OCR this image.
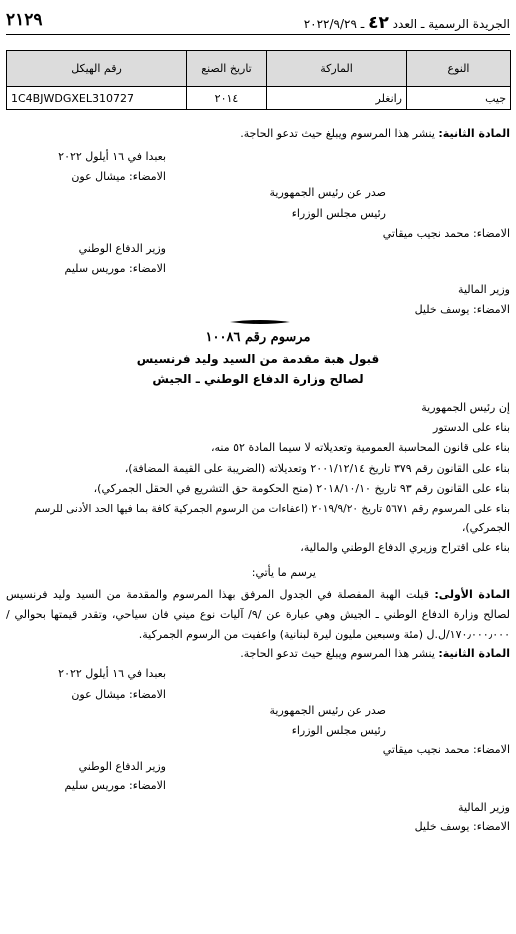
٢١٢٩	الجريدة الرسمية ـ العدد ٤٢ ـ ٢٠٢٢/٩/٢٩
النوع	الماركة	تاريخ الصنع	رقم الهيكل
جيب	رانغلر	٢٠١٤	1C4BJWDGXEL310727
المادة الثانية: ينشر هذا المرسوم ويبلغ حيث تدعو الحاجة.
بعبدا في ١٦ أيلول ٢٠٢٢
الامضاء: ميشال عون
صدر عن رئيس الجمهورية
رئيس مجلس الوزراء
الامضاء: محمد نجيب ميقاتي
وزير الدفاع الوطني
الامضاء: موريس سليم
وزير المالية
الامضاء: يوسف خليل
مرسوم رقم ١٠٠٨٦
قبول هبة مقدمة من السيد وليد فرنسيس
لصالح وزارة الدفاع الوطني ـ الجيش
إن رئيس الجمهورية
بناء على الدستور
بناء على قانون المحاسبة العمومية وتعديلاته لا سيما المادة ٥٢ منه،
بناء على القانون رقم ٣٧٩ تاريخ ٢٠٠١/١٢/١٤ وتعديلاته (الضريبة على القيمة المضافة)،
بناء على القانون رقم ٩٣ تاريخ ٢٠١٨/١٠/١٠ (منح الحكومة حق التشريع في الحقل الجمركي)،
بناء على المرسوم رقم ٥٦٧١ تاريخ ٢٠١٩/٩/٢٠ (اعفاءات من الرسوم الجمركية كافة بما فيها الحد الأدنى للرسم
الجمركي)،
بناء على اقتراح وزيري الدفاع الوطني والمالية،
يرسم ما يأتي:
المادة الأولى: قبلت الهبة المفصلة في الجدول المرفق بهذا المرسوم والمقدمة من السيد وليد فرنسيس لصالح وزارة الدفاع الوطني ـ الجيش وهي عبارة عن /٩/ آليات نوع ميني فان سياحي، وتقدر قيمتها بحوالي /١٧٠٫٠٠٠٫٠٠٠/ل.ل (مئة وسبعين مليون ليرة لبنانية) واعفيت من الرسوم الجمركية.
المادة الثانية: ينشر هذا المرسوم ويبلغ حيث تدعو الحاجة.
بعبدا في ١٦ أيلول ٢٠٢٢
الامضاء: ميشال عون
صدر عن رئيس الجمهورية
رئيس مجلس الوزراء
الامضاء: محمد نجيب ميقاتي
وزير الدفاع الوطني
الامضاء: موريس سليم
وزير المالية
الامضاء: يوسف خليل
